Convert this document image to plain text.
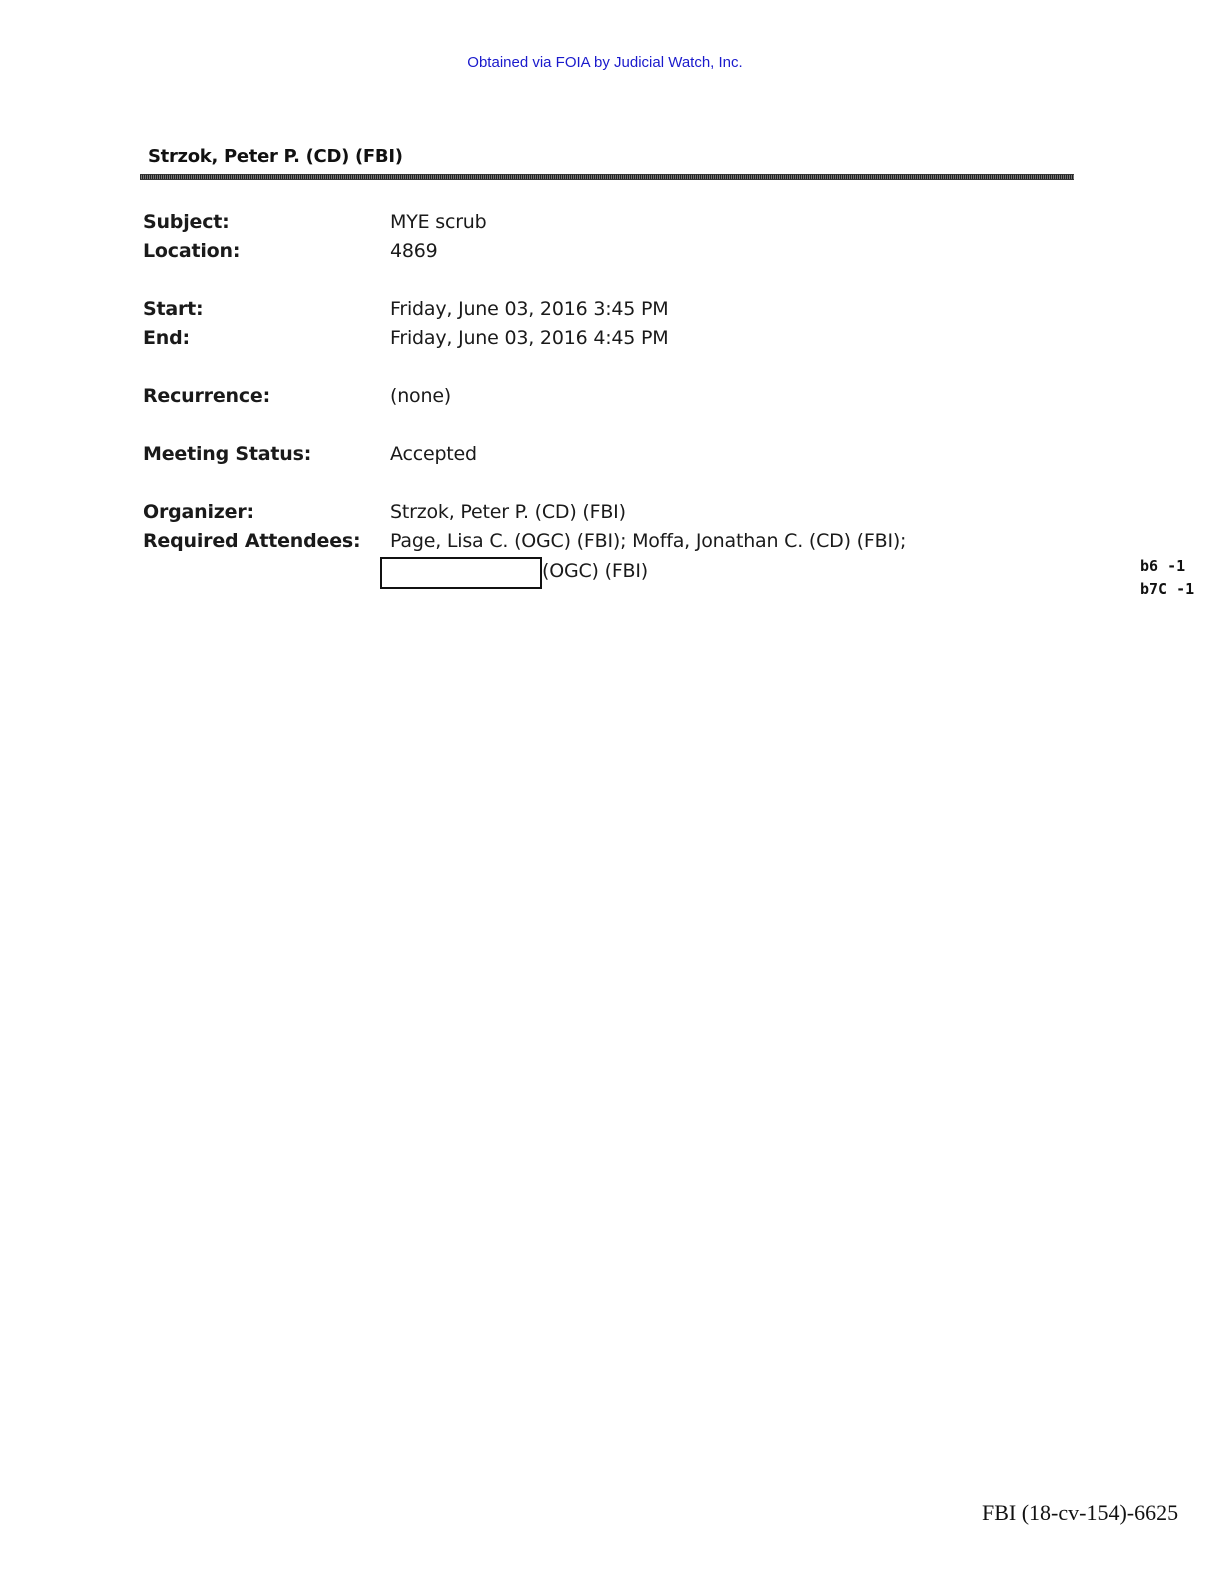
Obtained via FOIA by Judicial Watch, Inc.
Strzok, Peter P. (CD) (FBI)
Subject:	MYE scrub
Location:	4869
Start:	Friday, June 03, 2016 3:45 PM
End:	Friday, June 03, 2016 4:45 PM
Recurrence:	(none)
Meeting Status:	Accepted
Organizer:	Strzok, Peter P. (CD) (FBI)
Required Attendees: Page, Lisa C. (OGC) (FBI); Moffa, Jonathan C. (CD) (FBI);
(OGC) (FBI)	b6 -1
b7C -1
FBI (18-cv-154)-6625
